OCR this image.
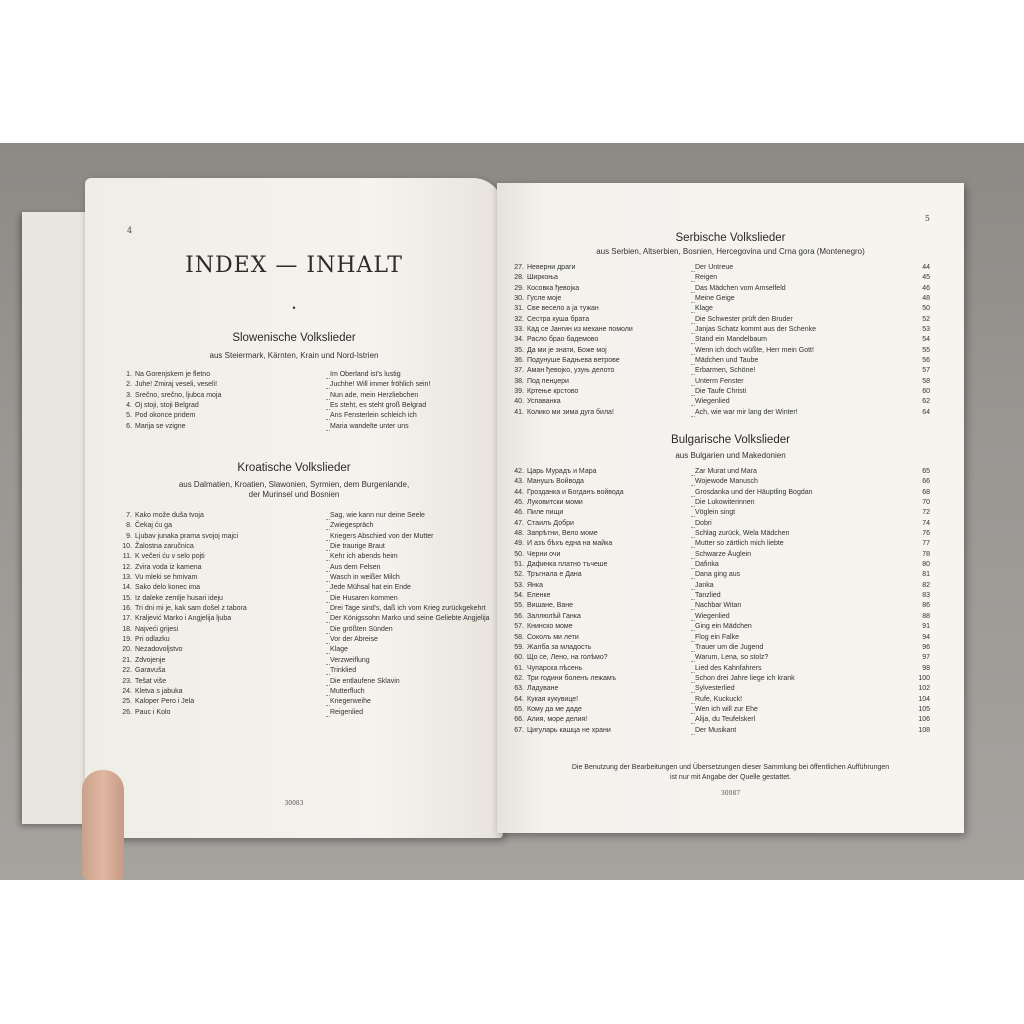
4
INDEX — INHALT
•
Slowenische Volkslieder
aus Steiermark, Kärnten, Krain und Nord-Istrien
1. Na Gorenjskem je fletno	Im Oberland ist's lustig
2. Juhe! Zmiraj veseli, veseli!	Juchhe! Will immer fröhlich sein!
3. Srečno, srečno, ljubca moja	Nun ade, mein Herzliebchen
4. Oj stoji, stoji Belgrad	Es steht, es steht groß Belgrad
5. Pod okonce pridem	Ans Fensterlein schleich ich
6. Marija se vzigne	Maria wandelte unter uns
Kroatische Volkslieder
aus Dalmatien, Kroatien, Slawonien, Syrmien, dem Burgenlande,
der Murinsel und Bosnien
7. Kako može duša tvoja	Sag, wie kann nur deine Seele
8. Čekaj ću ga	Zwiegespräch
9. Ljubav junaka prama svojoj majci	Kriegers Abschied von der Mutter
10. Žalostna zaručnica	Die traurige Braut
11. K večeri ću v selo pojti	Kehr ich abends heim
12. Zvira voda iz kamena	Aus dem Felsen
13. Vu mleki se hmivam	Wasch in weißer Milch
14. Sako delo konec ima	Jede Mühsal hat ein Ende
15. Iz daleke zemlje husari ideju	Die Husaren kommen
16. Tri dni mi je, kak sam došel z tabora	Drei Tage sind's, daß ich vom Krieg zurückgekehrt
17. Kraljević Marko i Angjelija ljuba	Der Königssohn Marko und seine Geliebte Angjelija
18. Najveći grijesi	Die größten Sünden
19. Pri odlazku	Vor der Abreise
20. Nezadovoljstvo	Klage
21. Zdvojenje	Verzweiflung
22. Garavuša	Trinklied
23. Tešat više	Die entlaufene Sklavin
24. Kletva s jabuka	Mutterfluch
25. Kaloper Pero i Jela	Kriegerweihe
26. Pauc i Kolo	Reigenlied
30083
5
Serbische Volkslieder
aus Serbien, Altserbien, Bosnien, Hercegovina und Crna gora (Montenegro)
27. Неверни драги	Der Untreue	44
28. Ширкоња	Reigen	45
29. Косовка ђевојка	Das Mädchen vom Amselfeld	46
30. Гусле моје	Meine Geige	48
31. Све весело а ја тужан	Klage	50
32. Сестра куша брата	Die Schwester prüft den Bruder	52
33. Кад се Јангин из механе помоли	Janjas Schatz kommt aus der Schenke	53
34. Расло брао бадемово	Stand ein Mandelbaum	54
35. Да ми је знати, Боже мој	Wenn ich doch wüßte, Herr mein Gott!	55
36. Подунуше Бадњева ветрове	Mädchen und Taube	56
37. Аман ђевојко, узуњ делото	Erbarmen, Schöne!	57
38. Под пенџери	Unterm Fenster	58
39. Кртење крстово	Die Taufe Christi	60
40. Успаванка	Wiegenlied	62
41. Колико ми зима дуга била!	Ach, wie war mir lang der Winter!	64
Bulgarische Volkslieder
aus Bulgarien und Makedonien
42. Царь Мурадъ и Мара	Zar Murat und Mara	65
43. Манушъ Войвода	Wojewode Manusch	66
44. Грозданка и Богданъ войвода	Grosdanka und der Häuptling Bogdan	68
45. Луковитски моми	Die Lukowiterinnen	70
46. Пиле пищи	Vöglein singt	72
47. Стаилъ Добри	Dobri	74
48. Запрѣтни, Вело моме	Schlag zurück, Wela Mädchen	76
49. И азъ бѣхъ една на майка	Mutter so zärtlich mich liebte	77
50. Черни очи	Schwarze Äuglein	78
51. Дафинка платно тъчеше	Dafinka	80
52. Тръгнала е Дана	Dana ging aus	81
53. Янка	Janka	82
54. Еленке	Tanzlied	83
55. Вишане, Ване	Nachbar Witan	86
56. Заллюлѣй Ганка	Wiegenlied	88
57. Книнско моме	Ging ein Mädchen	91
58. Соколъ ми лети	Flog ein Falke	94
59. Жалба за младость	Trauer um die Jugend	96
60. Що се, Лено, на голѣмо?	Warum, Lena, so stolz?	97
61. Чупарска пѣсень	Lied des Kahnfahrers	98
62. Три години боленъ лежамъ	Schon drei Jahre liege ich krank	100
63. Ладуване	Sylvesterlied	102
64. Кукая кукувице!	Rufe, Kuckuck!	104
65. Кому да ме даде	Wen ich will zur Ehe	105
66. Алия, море делия!	Alija, du Teufelskerl	106
67. Цигуларь кашца не храни	Der Musikant	108
Die Benutzung der Bearbeitungen und Übersetzungen dieser Sammlung bei öffentlichen Aufführungen
ist nur mit Angabe der Quelle gestattet.
30087
